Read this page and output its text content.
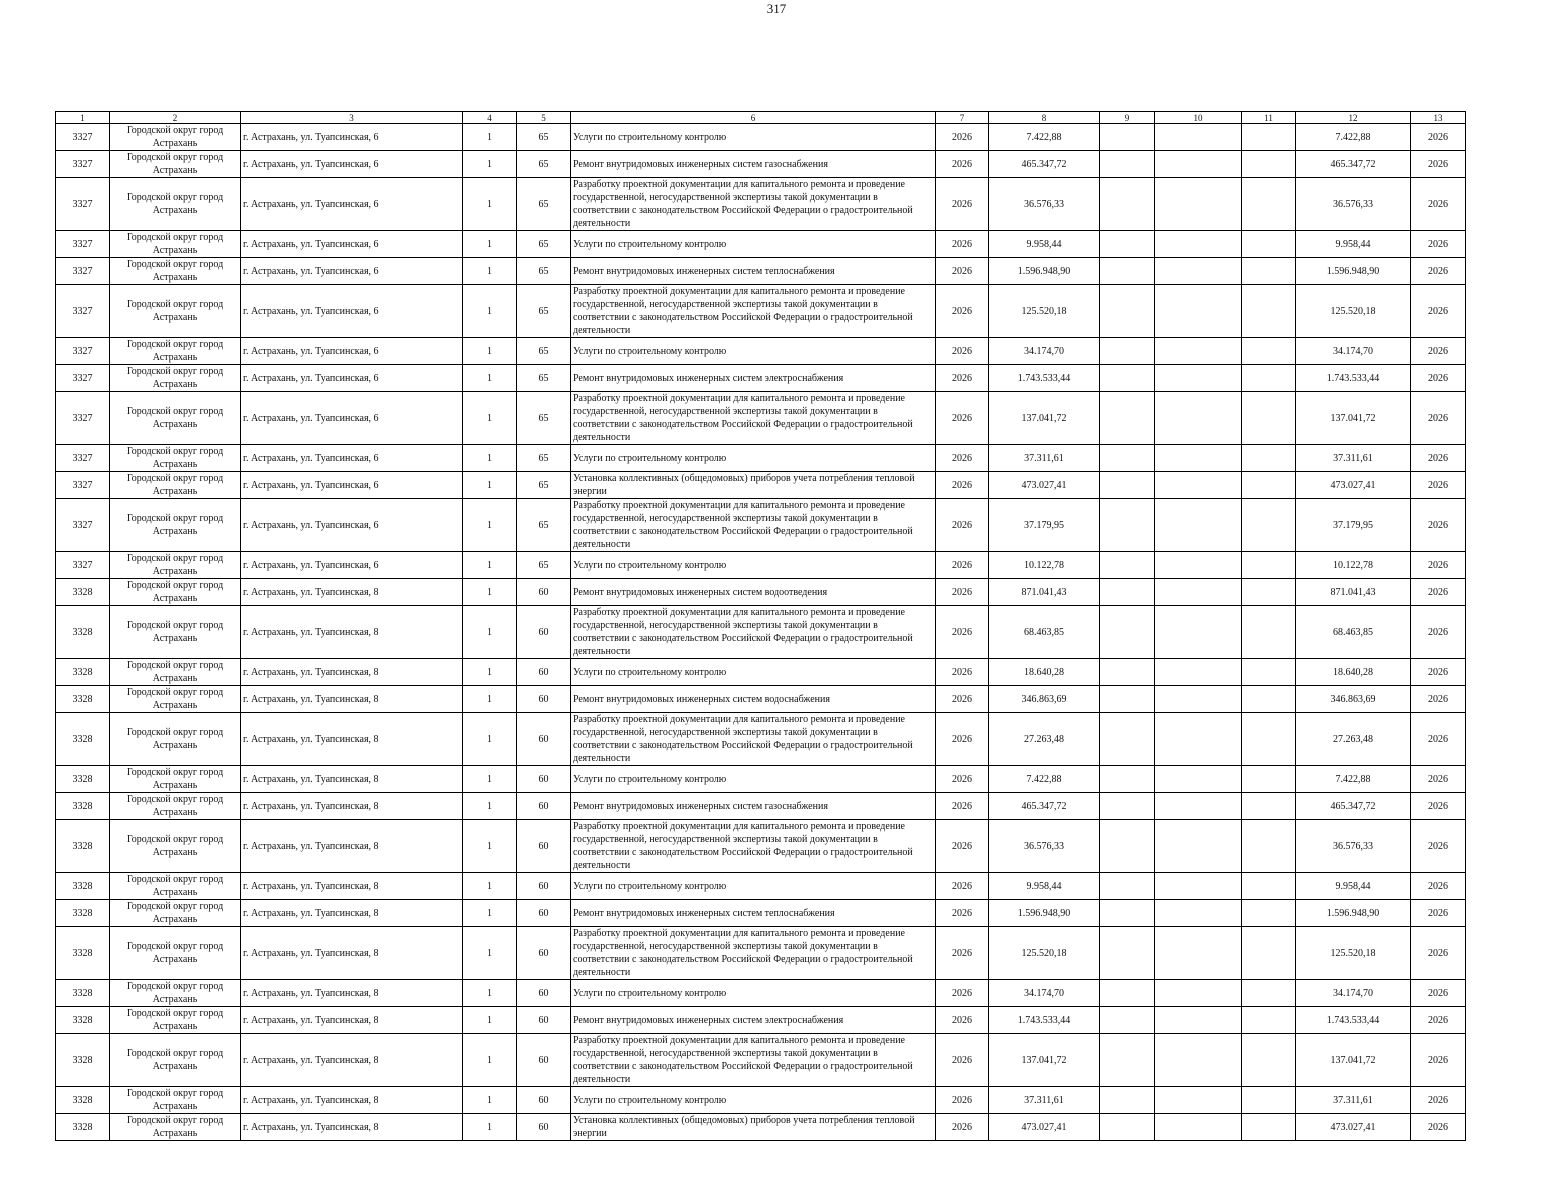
317
1	2	3	4	5	6	7	8	9	10	11	12	13
3327	Городской округ город Астрахань	г. Астрахань, ул. Туапсинская, 6	1	65	Услуги по строительному контролю	2026	7.422,88				7.422,88	2026
3327	Городской округ город Астрахань	г. Астрахань, ул. Туапсинская, 6	1	65	Ремонт внутридомовых инженерных систем газоснабжения	2026	465.347,72				465.347,72	2026
3327	Городской округ город Астрахань	г. Астрахань, ул. Туапсинская, 6	1	65	Разработку проектной документации для капитального ремонта и проведение государственной, негосударственной экспертизы такой документации в соответствии с законодательством Российской Федерации о градостроительной деятельности	2026	36.576,33				36.576,33	2026
3327	Городской округ город Астрахань	г. Астрахань, ул. Туапсинская, 6	1	65	Услуги по строительному контролю	2026	9.958,44				9.958,44	2026
3327	Городской округ город Астрахань	г. Астрахань, ул. Туапсинская, 6	1	65	Ремонт внутридомовых инженерных систем теплоснабжения	2026	1.596.948,90				1.596.948,90	2026
3327	Городской округ город Астрахань	г. Астрахань, ул. Туапсинская, 6	1	65	Разработку проектной документации для капитального ремонта и проведение государственной, негосударственной экспертизы такой документации в соответствии с законодательством Российской Федерации о градостроительной деятельности	2026	125.520,18				125.520,18	2026
3327	Городской округ город Астрахань	г. Астрахань, ул. Туапсинская, 6	1	65	Услуги по строительному контролю	2026	34.174,70				34.174,70	2026
3327	Городской округ город Астрахань	г. Астрахань, ул. Туапсинская, 6	1	65	Ремонт внутридомовых инженерных систем электроснабжения	2026	1.743.533,44				1.743.533,44	2026
3327	Городской округ город Астрахань	г. Астрахань, ул. Туапсинская, 6	1	65	Разработку проектной документации для капитального ремонта и проведение государственной, негосударственной экспертизы такой документации в соответствии с законодательством Российской Федерации о градостроительной деятельности	2026	137.041,72				137.041,72	2026
3327	Городской округ город Астрахань	г. Астрахань, ул. Туапсинская, 6	1	65	Услуги по строительному контролю	2026	37.311,61				37.311,61	2026
3327	Городской округ город Астрахань	г. Астрахань, ул. Туапсинская, 6	1	65	Установка коллективных (общедомовых) приборов учета потребления тепловой энергии	2026	473.027,41				473.027,41	2026
3327	Городской округ город Астрахань	г. Астрахань, ул. Туапсинская, 6	1	65	Разработку проектной документации для капитального ремонта и проведение государственной, негосударственной экспертизы такой документации в соответствии с законодательством Российской Федерации о градостроительной деятельности	2026	37.179,95				37.179,95	2026
3327	Городской округ город Астрахань	г. Астрахань, ул. Туапсинская, 6	1	65	Услуги по строительному контролю	2026	10.122,78				10.122,78	2026
3328	Городской округ город Астрахань	г. Астрахань, ул. Туапсинская, 8	1	60	Ремонт внутридомовых инженерных систем водоотведения	2026	871.041,43				871.041,43	2026
3328	Городской округ город Астрахань	г. Астрахань, ул. Туапсинская, 8	1	60	Разработку проектной документации для капитального ремонта и проведение государственной, негосударственной экспертизы такой документации в соответствии с законодательством Российской Федерации о градостроительной деятельности	2026	68.463,85				68.463,85	2026
3328	Городской округ город Астрахань	г. Астрахань, ул. Туапсинская, 8	1	60	Услуги по строительному контролю	2026	18.640,28				18.640,28	2026
3328	Городской округ город Астрахань	г. Астрахань, ул. Туапсинская, 8	1	60	Ремонт внутридомовых инженерных систем водоснабжения	2026	346.863,69				346.863,69	2026
3328	Городской округ город Астрахань	г. Астрахань, ул. Туапсинская, 8	1	60	Разработку проектной документации для капитального ремонта и проведение государственной, негосударственной экспертизы такой документации в соответствии с законодательством Российской Федерации о градостроительной деятельности	2026	27.263,48				27.263,48	2026
3328	Городской округ город Астрахань	г. Астрахань, ул. Туапсинская, 8	1	60	Услуги по строительному контролю	2026	7.422,88				7.422,88	2026
3328	Городской округ город Астрахань	г. Астрахань, ул. Туапсинская, 8	1	60	Ремонт внутридомовых инженерных систем газоснабжения	2026	465.347,72				465.347,72	2026
3328	Городской округ город Астрахань	г. Астрахань, ул. Туапсинская, 8	1	60	Разработку проектной документации для капитального ремонта и проведение государственной, негосударственной экспертизы такой документации в соответствии с законодательством Российской Федерации о градостроительной деятельности	2026	36.576,33				36.576,33	2026
3328	Городской округ город Астрахань	г. Астрахань, ул. Туапсинская, 8	1	60	Услуги по строительному контролю	2026	9.958,44				9.958,44	2026
3328	Городской округ город Астрахань	г. Астрахань, ул. Туапсинская, 8	1	60	Ремонт внутридомовых инженерных систем теплоснабжения	2026	1.596.948,90				1.596.948,90	2026
3328	Городской округ город Астрахань	г. Астрахань, ул. Туапсинская, 8	1	60	Разработку проектной документации для капитального ремонта и проведение государственной, негосударственной экспертизы такой документации в соответствии с законодательством Российской Федерации о градостроительной деятельности	2026	125.520,18				125.520,18	2026
3328	Городской округ город Астрахань	г. Астрахань, ул. Туапсинская, 8	1	60	Услуги по строительному контролю	2026	34.174,70				34.174,70	2026
3328	Городской округ город Астрахань	г. Астрахань, ул. Туапсинская, 8	1	60	Ремонт внутридомовых инженерных систем электроснабжения	2026	1.743.533,44				1.743.533,44	2026
3328	Городской округ город Астрахань	г. Астрахань, ул. Туапсинская, 8	1	60	Разработку проектной документации для капитального ремонта и проведение государственной, негосударственной экспертизы такой документации в соответствии с законодательством Российской Федерации о градостроительной деятельности	2026	137.041,72				137.041,72	2026
3328	Городской округ город Астрахань	г. Астрахань, ул. Туапсинская, 8	1	60	Услуги по строительному контролю	2026	37.311,61				37.311,61	2026
3328	Городской округ город Астрахань	г. Астрахань, ул. Туапсинская, 8	1	60	Установка коллективных (общедомовых) приборов учета потребления тепловой энергии	2026	473.027,41				473.027,41	2026
